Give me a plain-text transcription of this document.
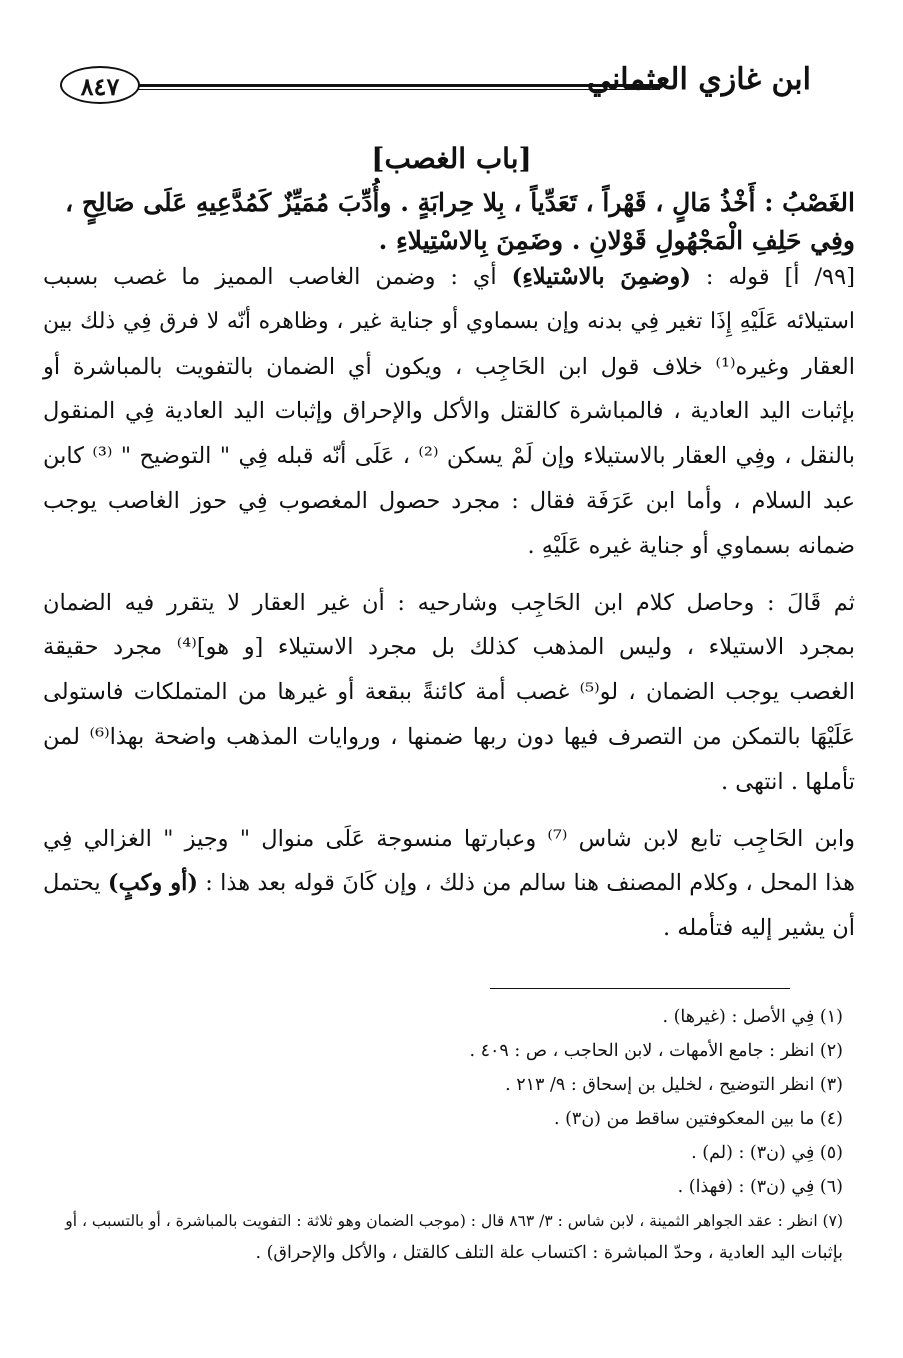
ابن غازي العثماني
٨٤٧
[باب الغصب]

الغَصْبُ : أَخْذُ مَالٍ ، قَهْراً ، تَعَدِّياً ، بِلا حِرابَةٍ . وأُدِّبَ مُمَيِّزٌ كَمُدَّعِيهِ عَلَى صَالِحٍ ،

وفِي حَلِفِ الْمَجْهُولِ قَوْلانِ . وضَمِنَ بِالاسْتِيلاءِ .

[٩٩/ أ] قوله : (وضمِنَ بالاسْتيلاءِ) أي : وضمن الغاصب المميز ما غصب بسبب
استيلائه عَلَيْهِ إِذَا تغير فِي بدنه وإن بسماوي أو جناية غير ، وظاهره أنّه لا فرق فِي ذلك بين
العقار وغيره⁽¹⁾ خلاف قول ابن الحَاجِب ، ويكون أي الضمان بالتفويت بالمباشرة أو
بإثبات اليد العادية ، فالمباشرة كالقتل والأكل والإحراق وإثبات اليد العادية فِي المنقول
بالنقل ، وفِي العقار بالاستيلاء وإن لَمْ يسكن ⁽²⁾ ، عَلَى أنّه قبله فِي " التوضيح " ⁽³⁾ كابن
عبد السلام ، وأما ابن عَرَفَة فقال : مجرد حصول المغصوب فِي حوز الغاصب يوجب
ضمانه بسماوي أو جناية غيره عَلَيْهِ .
ثم قَالَ : وحاصل كلام ابن الحَاجِب وشارحيه : أن غير العقار لا يتقرر فيه الضمان
بمجرد الاستيلاء ، وليس المذهب كذلك بل مجرد الاستيلاء [و هو]⁽⁴⁾ مجرد حقيقة
الغصب يوجب الضمان ، لو⁽⁵⁾ غصب أمة كائنةً ببقعة أو غيرها من المتملكات فاستولى
عَلَيْهَا بالتمكن من التصرف فيها دون ربها ضمنها ، وروايات المذهب واضحة بهذا⁽⁶⁾ لمن
تأملها . انتهى .
وابن الحَاجِب تابع لابن شاس ⁽⁷⁾ وعبارتها منسوجة عَلَى منوال " وجيز " الغزالي فِي
هذا المحل ، وكلام المصنف هنا سالم من ذلك ، وإن كَانَ قوله بعد هذا : (أو وكبٍ) يحتمل
أن يشير إليه فتأمله .
(١) فِي الأصل : (غيرها) .
(٢) انظر : جامع الأمهات ، لابن الحاجب ، ص : ٤٠٩ .
(٣) انظر التوضيح ، لخليل بن إسحاق : ٩/ ٢١٣ .
(٤) ما بين المعكوفتين ساقط من (ن٣) .
(٥) فِي (ن٣) : (لم) .
(٦) فِي (ن٣) : (فهذا) .
(٧) انظر : عقد الجواهر الثمينة ، لابن شاس : ٣/ ٨٦٣ قال : (موجب الضمان وهو ثلاثة : التفويت بالمباشرة ، أو بالتسبب ، أو
بإثبات اليد العادية ، وحدّ المباشرة : اكتساب علة التلف كالقتل ، والأكل والإحراق) .
